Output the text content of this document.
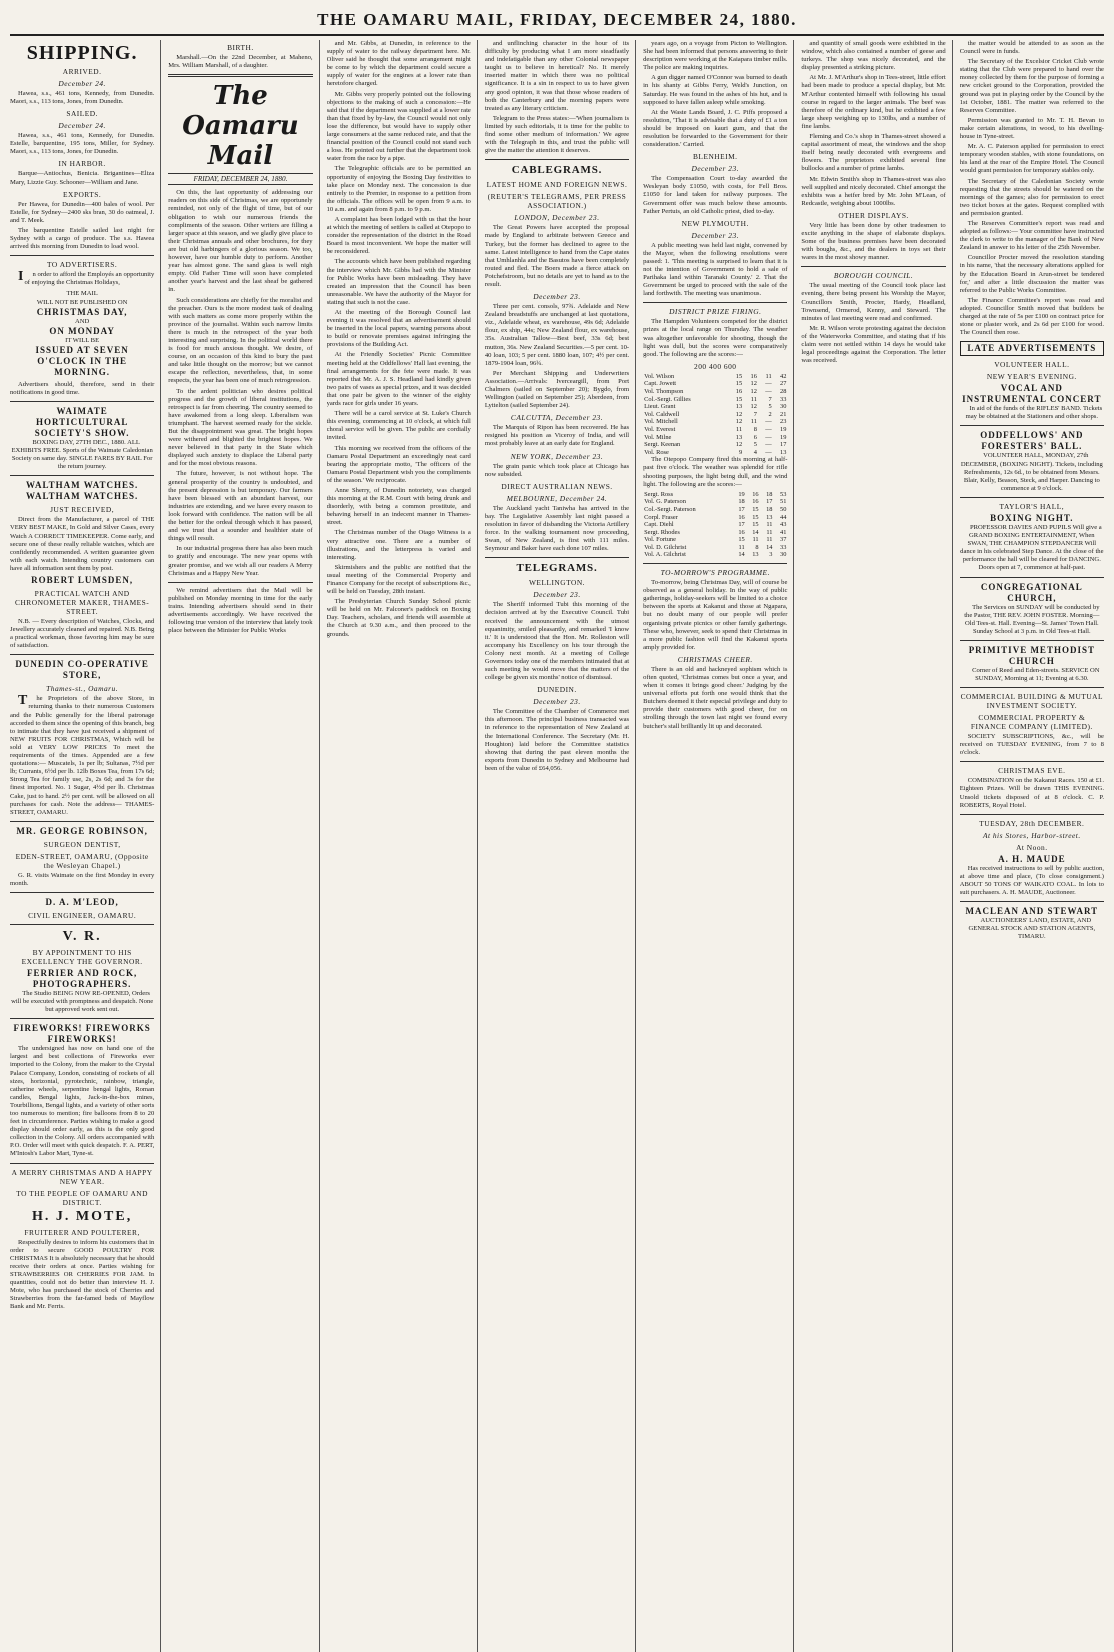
THE OAMARU MAIL, FRIDAY, DECEMBER 24, 1880.
SHIPPING.
ARRIVED.
December 24.

Hawea, s.s., 461 tons, Kennedy, from Dunedin. Maori, s.s., 113 tons, Jones, from Dunedin.

SAILED.
December 24.

Hawea, s.s., 461 tons, Kennedy, for Dunedin. Estelle, barquentine, 195 tons, Miller, for Sydney. Maori, s.s., 113 tons, Jones, for Dunedin.

IN HARBOR.

Barque—Antiochus, Benicia. Brigantines—Eliza Mary, Lizzie Guy. Schooner—William and Jane.

EXPORTS.

Per Hawea, for Dunedin—400 bales of wool. Per Estelle, for Sydney—2400 sks bran, 30 do oatmeal, J. and T. Meek.

The barquentine Estelle sailed last night for Sydney with a cargo of produce. The s.s. Hawea arrived this morning from Dunedin to load wool.

TO ADVERTISERS.

In order to afford the Employés an opportunity of enjoying the Christmas Holidays,

THE MAIL
WILL NOT BE PUBLISHED ON
CHRISTMAS DAY,
AND
ON MONDAY
IT WILL BE
ISSUED AT SEVEN O'CLOCK IN THE MORNING.

Advertisers should, therefore, send in their notifications in good time.

WAIMATE HORTICULTURAL SOCIETY'S SHOW.

BOXING DAY, 27TH DEC., 1880. ALL EXHIBITS FREE. Sports of the Waimate Caledonian Society on same day. SINGLE FARES BY RAIL For the return journey.

WALTHAM WATCHES. WALTHAM WATCHES.
JUST RECEIVED,

Direct from the Manufacturer, a parcel of THE VERY BEST MAKE, In Gold and Silver Cases, every Watch A CORRECT TIMEKEEPER. Come early, and secure one of these really reliable watches, which are confidently recommended. A written guarantee given with each watch. Intending country customers can have all information sent them by post.

ROBERT LUMSDEN,
PRACTICAL WATCH AND CHRONOMETER MAKER, THAMES-STREET.

N.B. — Every description of Watches, Clocks, and Jewellery accurately cleaned and repaired. N.B. Being a practical workman, those favoring him may be sure of satisfaction.

DUNEDIN CO-OPERATIVE STORE,
Thames-st., Oamaru.

The Proprietors of the above Store, in returning thanks to their numerous Customers and the Public generally for the liberal patronage accorded to them since the opening of this branch, beg to intimate that they have just received a shipment of NEW FRUITS FOR CHRISTMAS, Which will be sold at VERY LOW PRICES To meet the requirements of the times. Appended are a few quotations:— Muscatels, 1s per lb; Sultanas, 7½d per lb; Currants, 6½d per lb. 12lb Boxes Tea, from 17s 6d; Strong Tea for family use, 2s, 2s 6d; and 3s for the finest imported. No. 1 Sugar, 4½d per lb. Christmas Cake, just to hand. 2½ per cent. will be allowed on all purchases for cash. Note the address— THAMES-STREET, OAMARU.

MR. GEORGE ROBINSON,
SURGEON DENTIST,
EDEN-STREET, OAMARU, (Opposite the Wesleyan Chapel.)

G. R. visits Waimate on the first Monday in every month.

D. A. M'LEOD,
CIVIL ENGINEER, OAMARU.
V. R.
BY APPOINTMENT TO HIS EXCELLENCY THE GOVERNOR.
FERRIER AND ROCK, PHOTOGRAPHERS.

The Studio BEING NOW RE-OPENED, Orders will be executed with promptness and despatch. None but approved work sent out.

FIREWORKS! FIREWORKS FIREWORKS!

The undersigned has now on hand one of the largest and best collections of Fireworks ever imported to the Colony, from the maker to the Crystal Palace Company, London, consisting of rockets of all sizes, horizontal, pyrotechnic, rainbow, triangle, catherine wheels, serpentine bengal lights, Roman candles, Bengal lights, Jack-in-the-box mines, Tourbillions, Bengal lights, and a variety of other sorts too numerous to mention; fire balloons from 8 to 20 feet in circumference. Parties wishing to make a good display should order early, as this is the only good collection in the Colony. All orders accompanied with P.O. Order will meet with quick despatch. F. A. PERT, M'Intosh's Labor Mart, Tyne-st.

A MERRY CHRISTMAS AND A HAPPY NEW YEAR.
TO THE PEOPLE OF OAMARU AND DISTRICT.
H. J. MOTE,
FRUITERER AND POULTERER,

Respectfully desires to inform his customers that in order to secure GOOD POULTRY FOR CHRISTMAS It is absolutely necessary that he should receive their orders at once. Parties wishing for STRAWBERRIES OR CHERRIES FOR JAM. In quantities, could not do better than interview H. J. Mote, who has purchased the stock of Cherries and Strawberries from the far-famed beds of Mayflow Bank and Mr. Ferris.

BIRTH.

Marshall.—On the 22nd December, at Maheno, Mrs. William Marshall, of a daughter.

The Oamaru Mail
FRIDAY, DECEMBER 24, 1880.

On this, the last opportunity of addressing our readers on this side of Christmas, we are opportunely reminded, not only of the flight of time, but of our obligation to wish our numerous friends the compliments of the season. Other writers are filling a larger space at this season, and we gladly give place to their Christmas annuals and other brochures, for they are but old harbingers of a glorious season. We too, however, have our humble duty to perform. Another year has almost gone. The sand glass is well nigh empty. Old Father Time will soon have completed another year's harvest and the last sheaf be gathered in.

Such considerations are chiefly for the moralist and the preacher. Ours is the more modest task of dealing with such matters as come more properly within the province of the journalist. Within such narrow limits there is much in the retrospect of the year both interesting and surprising. In the political world there is food for much anxious thought. We desire, of course, on an occasion of this kind to bury the past and take little thought on the morrow; but we cannot escape the reflection, nevertheless, that, in some respects, the year has been one of much retrogression.

To the ardent politician who desires political progress and the growth of liberal institutions, the retrospect is far from cheering. The country seemed to have awakened from a long sleep. Liberalism was triumphant. The harvest seemed ready for the sickle. But the disappointment was great. The bright hopes were withered and blighted the brightest hopes. We never believed in that party in the State which displayed such anxiety to displace the Liberal party and for the most obvious reasons.

The future, however, is not without hope. The general prosperity of the country is undoubted, and the present depression is but temporary. Our farmers have been blessed with an abundant harvest, our industries are extending, and we have every reason to look forward with confidence. The nation will be all the better for the ordeal through which it has passed, and we trust that a sounder and healthier state of things will result.

In our industrial progress there has also been much to gratify and encourage. The new year opens with greater promise, and we wish all our readers A Merry Christmas and a Happy New Year.

We remind advertisers that the Mail will be published on Monday morning in time for the early trains. Intending advertisers should send in their advertisements accordingly. We have received the following true version of the interview that lately took place between the Minister for Public Works

and Mr. Gibbs, at Dunedin, in reference to the supply of water to the railway department here. Mr. Oliver said he thought that some arrangement might be come to by which the department could secure a supply of water for the engines at a lower rate than heretofore charged.

Mr. Gibbs very properly pointed out the following objections to the making of such a concession:—He said that if the department was supplied at a lower rate than that fixed by by-law, the Council would not only lose the difference, but would have to supply other large consumers at the same reduced rate, and that the financial position of the Council could not stand such a loss. He pointed out further that the department took water from the race by a pipe.

The Telegraphic officials are to be permitted an opportunity of enjoying the Boxing Day festivities to take place on Monday next. The concession is due entirely to the Premier, in response to a petition from the officials. The offices will be open from 9 a.m. to 10 a.m. and again from 8 p.m. to 9 p.m.

A complaint has been lodged with us that the hour at which the meeting of settlers is called at Otepopo to consider the representation of the district in the Road Board is most inconvenient. We hope the matter will be reconsidered.

The accounts which have been published regarding the interview which Mr. Gibbs had with the Minister for Public Works have been misleading. They have created an impression that the Council has been unreasonable. We have the authority of the Mayor for stating that such is not the case.

At the meeting of the Borough Council last evening it was resolved that an advertisement should be inserted in the local papers, warning persons about to build or renovate premises against infringing the provisions of the Building Act.

At the Friendly Societies' Picnic Committee meeting held at the Oddfellows' Hall last evening, the final arrangements for the fete were made. It was reported that Mr. A. J. S. Headland had kindly given two pairs of vases as special prizes, and it was decided that one pair be given to the winner of the eighty yards race for girls under 16 years.

There will be a carol service at St. Luke's Church this evening, commencing at 10 o'clock, at which full choral service will be given. The public are cordially invited.

This morning we received from the officers of the Oamaru Postal Department an exceedingly neat card bearing the appropriate motto, 'The officers of the Oamaru Postal Department wish you the compliments of the season.' We reciprocate.

Anne Sherry, of Dunedin notoriety, was charged this morning at the R.M. Court with being drunk and disorderly, with being a common prostitute, and behaving herself in an indecent manner in Thames-street.

The Christmas number of the Otago Witness is a very attractive one. There are a number of illustrations, and the letterpress is varied and interesting.

Skirmishers and the public are notified that the usual meeting of the Commercial Property and Finance Company for the receipt of subscriptions &c., will be held on Tuesday, 28th instant.

The Presbyterian Church Sunday School picnic will be held on Mr. Falconer's paddock on Boxing Day. Teachers, scholars, and friends will assemble at the Church at 9.30 a.m., and then proceed to the grounds.

and unflinching character in the hour of its difficulty by producing what I am more steadfastly and indefatigable than any other Colonial newspaper taught us to believe in heretical? No. It merely inserted matter in which there was no political significance. It is a sin in respect to us to have given any good opinion, it was that those whose readers of both the Canterbury and the morning papers were treated as any literary criticism.

Telegram to the Press states:—'When journalism is limited by such editorials, it is time for the public to find some other medium of information.' We agree with the Telegraph in this, and trust the public will give the matter the attention it deserves.

CABLEGRAMS.
LATEST HOME AND FOREIGN NEWS.
(REUTER'S TELEGRAMS, PER PRESS ASSOCIATION.)
LONDON, December 23.

The Great Powers have accepted the proposal made by England to arbitrate between Greece and Turkey, but the former has declined to agree to the same. Latest intelligence to hand from the Cape states that Umhlanhla and the Basutos have been completely routed and fled. The Boers made a fierce attack on Potchefstroom, but no details are yet to hand as to the result.

December 23.

Three per cent. consols, 97¾. Adelaide and New Zealand breadstuffs are unchanged at last quotations, viz., Adelaide wheat, ex warehouse, 49s 6d; Adelaide flour, ex ship, 44s; New Zealand flour, ex warehouse, 35s. Australian Tallow—Best beef, 33s 6d; best mutton, 36s. New Zealand Securities.—5 per cent. 10-40 loan, 103; 5 per cent. 1880 loan, 107; 4½ per cent. 1879-1904 loan, 96¾.

Per Merchant Shipping and Underwriters Association.—Arrivals: Iverceargill, from Port Chalmers (sailed on September 20); Bygdo, from Wellington (sailed on September 25); Aberdeen, from Lyttelton (sailed September 24).

CALCUTTA, December 23.

The Marquis of Ripon has been recovered. He has resigned his position as Viceroy of India, and will most probably leave at an early date for England.

NEW YORK, December 23.

The grain panic which took place at Chicago has now subsided.

DIRECT AUSTRALIAN NEWS.
MELBOURNE, December 24.

The Auckland yacht Taniwha has arrived in the bay. The Legislative Assembly last night passed a resolution in favor of disbanding the Victoria Artillery force. In the walking tournament now proceeding, Swan, of New Zealand, is first with 111 miles. Seymour and Baker have each done 107 miles.

TELEGRAMS.
WELLINGTON.
December 23.

The Sheriff informed Tubi this morning of the decision arrived at by the Executive Council. Tubi received the announcement with the utmost equanimity, smiled pleasantly, and remarked 'I know it.' It is understood that the Hon. Mr. Rolleston will accompany his Excellency on his tour through the Colony next month. At a meeting of College Governors today one of the members intimated that at such meeting he would move that the matters of the college be given six months' notice of dismissal.

DUNEDIN.
December 23.

The Committee of the Chamber of Commerce met this afternoon. The principal business transacted was in reference to the representation of New Zealand at the International Conference. The Secretary (Mr. H. Houghton) laid before the Committee statistics showing that during the past eleven months the exports from Dunedin to Sydney and Melbourne had been of the value of £64,056.

years ago, on a voyage from Picton to Wellington. She had been informed that persons answering to their description were working at the Kaiapara timber mills. The police are making inquiries.

A gun digger named O'Connor was burned to death in his shanty at Gibbs Ferry, Weld's Junction, on Saturday. He was found in the ashes of his hut, and is supposed to have fallen asleep while smoking.

At the Waste Lands Board, J. C. Piffs proposed a resolution, 'That it is advisable that a duty of £1 a ton should be imposed on kauri gum, and that the resolution be forwarded to the Government for their consideration.' Carried.

BLENHEIM.
December 23.

The Compensation Court to-day awarded the Wesleyan body £1050, with costs, for Fell Bros. £1050 for land taken for railway purposes. The Government offer was much below these amounts. Father Pertuis, an old Catholic priest, died to-day.

NEW PLYMOUTH.
December 23.

A public meeting was held last night, convened by the Mayor, when the following resolutions were passed: 1. 'This meeting is surprised to learn that it is not the intention of Government to hold a sale of Parihaka land within Taranaki County.' 2. That the Government be urged to proceed with the sale of the land forthwith. The meeting was unanimous.

DISTRICT PRIZE FIRING.

The Hampden Volunteers competed for the district prizes at the local range on Thursday. The weather was altogether unfavorable for shooting, though the light was dull, but the scores were comparatively good. The following are the scores:—

200 400 600
Vol. Wilson	15	16	11	42
Capt. Jowett	15	12	—	27
Vol. Thompson	16	12	—	28
Col.-Sergt. Gillies	15	11	7	33
Lieut. Grant	13	12	5	30
Vol. Caldwell	12	7	2	21
Vol. Mitchell	12	11	—	23
Vol. Everest	11	8	—	19
Vol. Milne	13	6	—	19
Sergt. Keenan	12	5	—	17
Vol. Rose	9	4	—	13

The Otepopo Company fired this morning at half-past five o'clock. The weather was splendid for rifle shooting purposes, the light being dull, and the wind light. The following are the scores:—

Sergt. Ross	19	16	18	53
Vol. G. Paterson	18	16	17	51
Col.-Sergt. Paterson	17	15	18	50
Corpl. Fraser	16	15	13	44
Capt. Diehl	17	15	11	43
Sergt. Rhodes	16	14	11	41
Vol. Fortune	15	11	11	37
Vol. D. Gilchrist	11	8	14	33
Vol. A. Gilchrist	14	13	3	30
TO-MORROW'S PROGRAMME.

To-morrow, being Christmas Day, will of course be observed as a general holiday. In the way of public gatherings, holiday-seekers will be limited to a choice between the sports at Kakanui and those at Ngapara, but no doubt many of our people will prefer organising private picnics or other family gatherings. These who, however, seek to spend their Christmas in a more public fashion will find the Kakanui sports amply provided for.

CHRISTMAS CHEER.

There is an old and hackneyed sophism which is often quoted, 'Christmas comes but once a year, and when it comes it brings good cheer.' Judging by the universal efforts put forth one would think that the Butchers deemed it their especial privilege and duty to provide their customers with good cheer, for on strolling through the town last night we found every butcher's stall brilliantly lit up and decorated.

and quantity of small goods were exhibited in the window, which also contained a number of geese and turkeys. The shop was nicely decorated, and the display presented a striking picture.

At Mr. J. M'Arthur's shop in Tees-street, little effort had been made to produce a special display, but Mr. M'Arthur contented himself with following his usual course in regard to the larger animals. The beef was therefore of the ordinary kind, but he exhibited a few large sheep weighing up to 130lbs, and a number of fine lambs.

Fleming and Co.'s shop in Thames-street showed a capital assortment of meat, the windows and the shop itself being neatly decorated with evergreens and flowers. The proprietors exhibited several fine bullocks and a number of prime lambs.

Mr. Edwin Smith's shop in Thames-street was also well supplied and nicely decorated. Chief amongst the exhibits was a heifer bred by Mr. John M'Lean, of Redcastle, weighing about 1000lbs.

OTHER DISPLAYS.

Very little has been done by other tradesmen to excite anything in the shape of elaborate displays. Some of the business premises have been decorated with boughs, &c., and the dealers in toys set their wares in the most showy manner.

BOROUGH COUNCIL.

The usual meeting of the Council took place last evening, there being present his Worship the Mayor, Councillors Smith, Procter, Hardy, Headland, Townsend, Ormerod, Kenny, and Steward. The minutes of last meeting were read and confirmed.

Mr. R. Wilson wrote protesting against the decision of the Waterworks Committee, and stating that if his claim were not settled within 14 days he would take legal proceedings against the Corporation. The letter was received.

the matter would be attended to as soon as the Council were in funds.

The Secretary of the Excelsior Cricket Club wrote stating that the Club were prepared to hand over the money collected by them for the purpose of forming a new cricket ground to the Corporation, provided the ground was put in playing order by the Council by the 1st October, 1881. The matter was referred to the Reserves Committee.

Permission was granted to Mr. T. H. Bevan to make certain alterations, in wood, to his dwelling-house in Tyne-street.

Mr. A. C. Paterson applied for permission to erect temporary wooden stables, with stone foundations, on his land at the rear of the Empire Hotel. The Council would grant permission for temporary stables only.

The Secretary of the Caledonian Society wrote requesting that the streets should be watered on the mornings of the games; also for permission to erect two ticket boxes at the gates. Request complied with and permission granted.

The Reserves Committee's report was read and adopted as follows:— Your committee have instructed the clerk to write to the manager of the Bank of New Zealand in answer to his letter of the 25th November.

Councillor Procter moved the resolution standing in his name, 'that the necessary alterations applied for by the Education Board in Arun-street be tendered for,' and after a little discussion the matter was referred to the Public Works Committee.

The Finance Committee's report was read and adopted. Councillor Smith moved that builders be charged at the rate of 5s per £100 on contract price for stone or plaster work, and 2s 6d per £100 for wood. The Council then rose.

LATE ADVERTISEMENTS
VOLUNTEER HALL.
NEW YEAR'S EVENING.
VOCAL AND INSTRUMENTAL CONCERT

In aid of the funds of the RIFLES' BAND. Tickets may be obtained at the Stationers and other shops.

ODDFELLOWS' AND FORESTERS' BALL.

VOLUNTEER HALL, MONDAY, 27th DECEMBER, (BOXING NIGHT). Tickets, including Refreshments, 12s 6d., to be obtained from Messrs. Blair, Kelly, Beason, Steck, and Harper. Dancing to commence at 9 o'clock.

TAYLOR'S HALL,
BOXING NIGHT.

PROFESSOR DAVIES AND PUPILS Will give a GRAND BOXING ENTERTAINMENT, When SWAN, THE CHAMPION STEPDANCER Will dance in his celebrated Step Dance. At the close of the performance the hall will be cleared for DANCING. Doors open at 7, commence at half-past.

CONGREGATIONAL CHURCH,

The Services on SUNDAY will be conducted by the Pastor, THE REV. JOHN FOSTER. Morning—Old Tees-st. Hall. Evening—St. James' Town Hall. Sunday School at 3 p.m. in Old Tees-st Hall.

PRIMITIVE METHODIST CHURCH

Corner of Reed and Eden-streets. SERVICE ON SUNDAY, Morning at 11; Evening at 6.30.

COMMERCIAL BUILDING & MUTUAL INVESTMENT SOCIETY.
COMMERCIAL PROPERTY & FINANCE COMPANY (LIMITED).

SOCIETY SUBSCRIPTIONS, &c., will be received on TUESDAY EVENING, from 7 to 8 o'clock.

CHRISTMAS EVE.

COMBINATION on the Kakanui Races. 150 at £1. Eighteen Prizes. Will be drawn THIS EVENING. Unsold tickets disposed of at 8 o'clock. C. P. ROBERTS, Royal Hotel.

TUESDAY, 28th DECEMBER.
At his Stores, Harbor-street.
At Noon.
A. H. MAUDE

Has received instructions to sell by public auction, at above time and place, (To close consignment.) ABOUT 50 TONS OF WAIKATO COAL. In lots to suit purchasers. A. H. MAUDE, Auctioneer.

MACLEAN AND STEWART

AUCTIONEERS' LAND, ESTATE, AND GENERAL STOCK AND STATION AGENTS, TIMARU.
